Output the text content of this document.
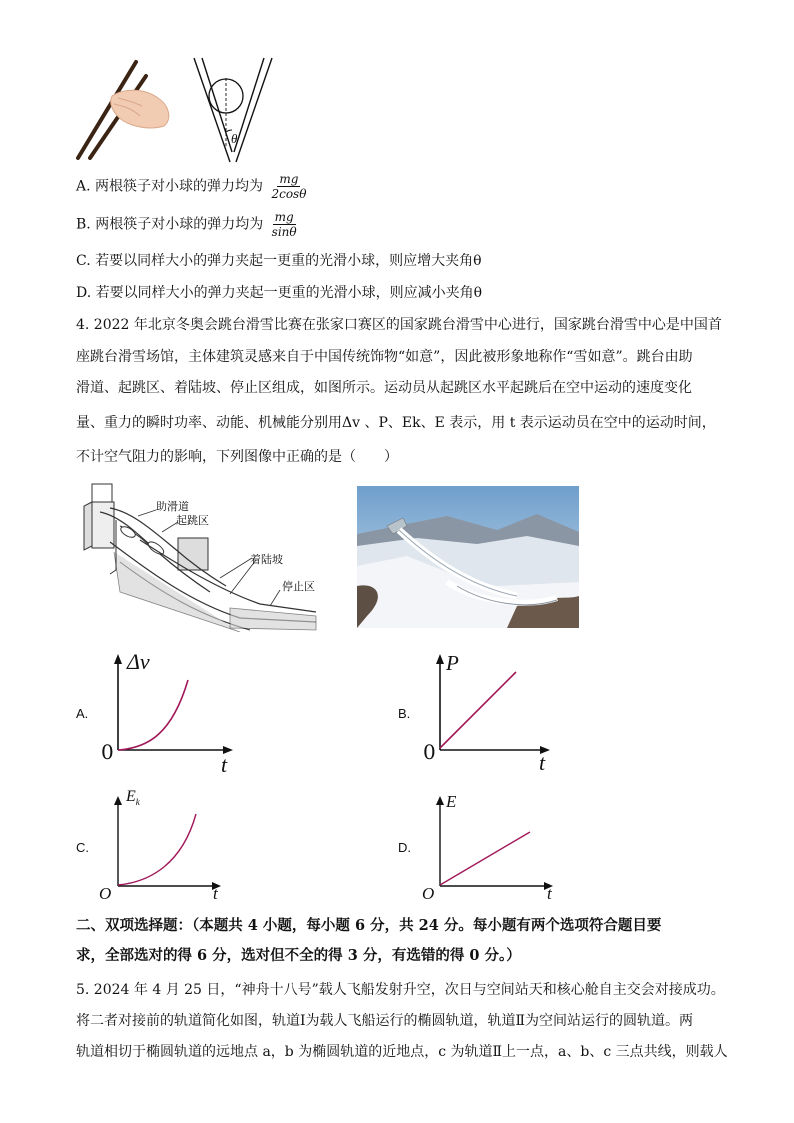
θ
A. 两根筷子对小球的弹力均为 $\frac{mg}{2\cos\theta}$
B. 两根筷子对小球的弹力均为 $\frac{mg}{\sin\theta}$
C. 若要以同样大小的弹力夹起一更重的光滑小球，则应增大夹角θ
D. 若要以同样大小的弹力夹起一更重的光滑小球，则应减小夹角θ
4. 2022 年北京冬奥会跳台滑雪比赛在张家口赛区的国家跳台滑雪中心进行，国家跳台滑雪中心是中国首
座跳台滑雪场馆，主体建筑灵感来自于中国传统饰物“如意”，因此被形象地称作“雪如意”。跳台由助
滑道、起跳区、着陆坡、停止区组成，如图所示。运动员从起跳区水平起跳后在空中运动的速度变化
量、重力的瞬时功率、动能、机械能分别用Δv 、P、Ek、E 表示，用 t 表示运动员在空中的运动时间，
不计空气阻力的影响，下列图像中正确的是（　　）
助滑道
起跳区
着陆坡
停止区
A.
Δv
0	t
B.
P
0	t
C.
$E_k$
O	t
D.
E
O	t
二、双项选择题：（本题共 4 小题，每小题 6 分，共 24 分。每小题有两个选项符合题目要
求，全部选对的得 6 分，选对但不全的得 3 分，有选错的得 0 分。）
5. 2024 年 4 月 25 日，“神舟十八号”载人飞船发射升空，次日与空间站天和核心舱自主交会对接成功。
将二者对接前的轨道简化如图，轨道Ⅰ为载人飞船运行的椭圆轨道，轨道Ⅱ为空间站运行的圆轨道。两
轨道相切于椭圆轨道的远地点 a，b 为椭圆轨道的近地点，c 为轨道Ⅱ上一点，a、b、c 三点共线，则载人
